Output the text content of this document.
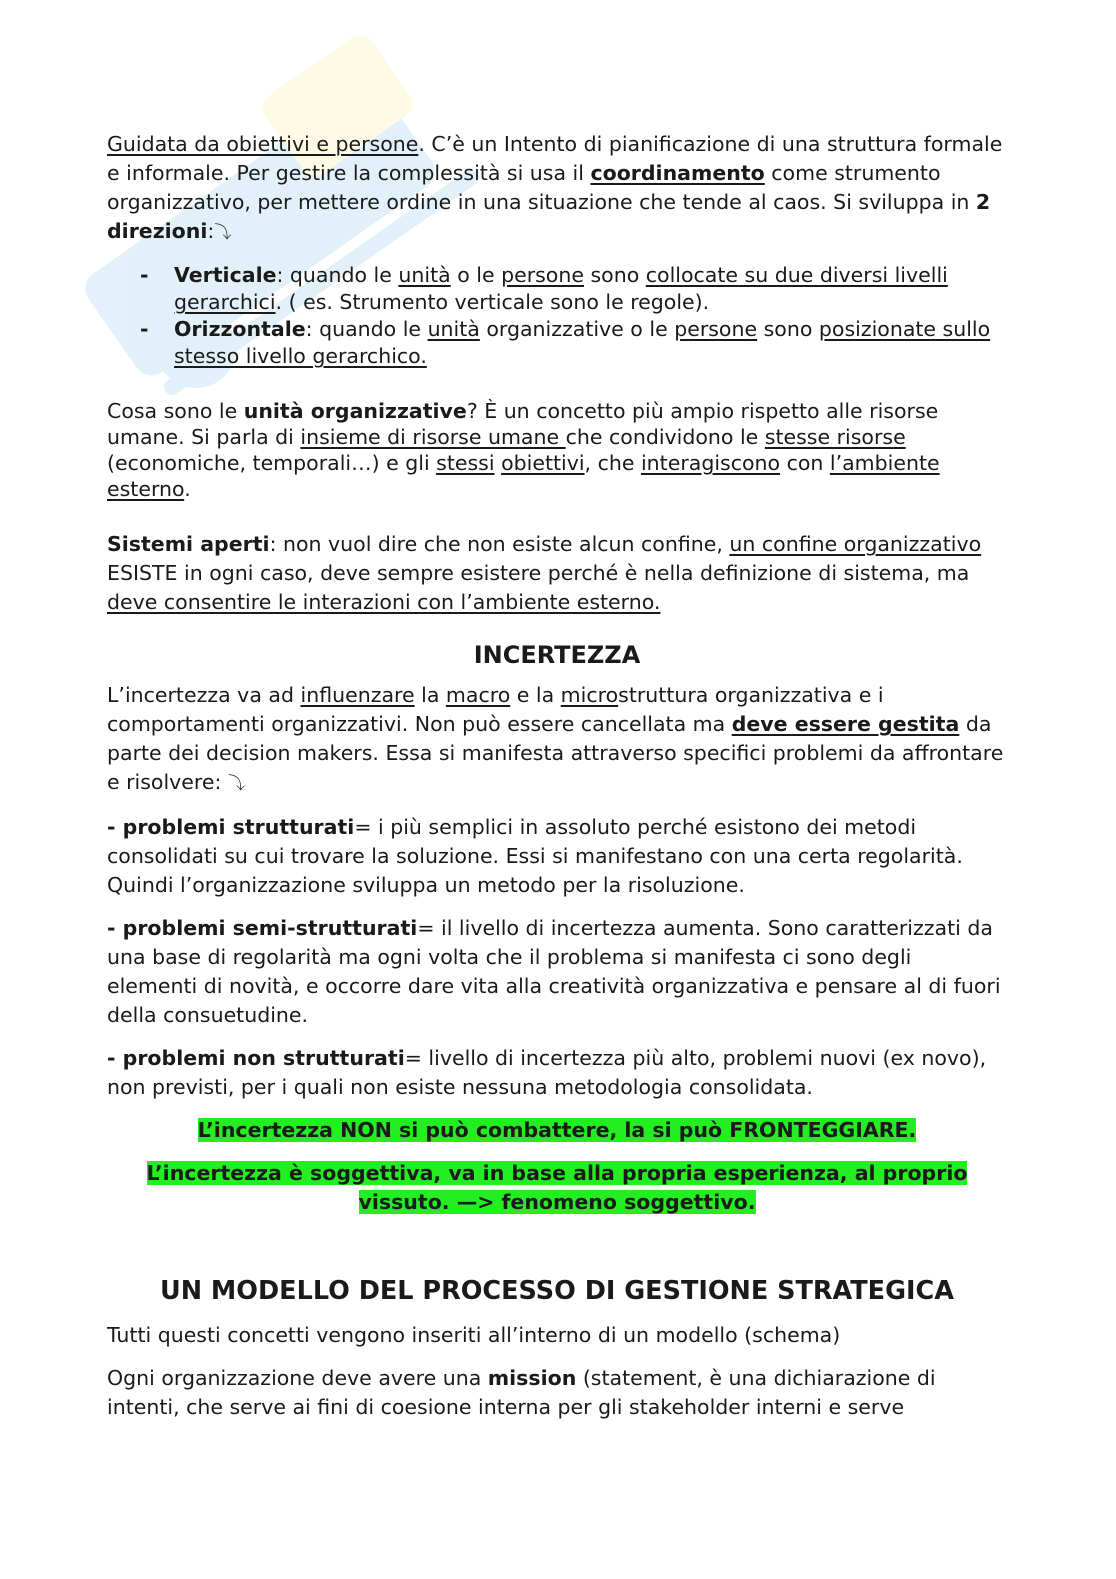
Guidata da obiettivi e persone. C’è un Intento di pianificazione di una struttura formale e informale. Per gestire la complessità si usa il coordinamento come strumento organizzativo, per mettere ordine in una situazione che tende al caos. Si sviluppa in 2 direzioni:⤵

- Verticale: quando le unità o le persone sono collocate su due diversi livelli gerarchici. ( es. Strumento verticale sono le regole).
- Orizzontale: quando le unità organizzative o le persone sono posizionate sullo stesso livello gerarchico.

Cosa sono le unità organizzative? È un concetto più ampio rispetto alle risorse umane. Si parla di insieme di risorse umane che condividono le stesse risorse (economiche, temporali…) e gli stessi obiettivi, che interagiscono con l’ambiente esterno.

Sistemi aperti: non vuol dire che non esiste alcun confine, un confine organizzativo ESISTE in ogni caso, deve sempre esistere perché è nella definizione di sistema, ma deve consentire le interazioni con l’ambiente esterno.

INCERTEZZA

L’incertezza va ad influenzare la macro e la microstruttura organizzativa e i comportamenti organizzativi. Non può essere cancellata ma deve essere gestita da parte dei decision makers. Essa si manifesta attraverso specifici problemi da affrontare e risolvere: ⤵

- problemi strutturati= i più semplici in assoluto perché esistono dei metodi consolidati su cui trovare la soluzione. Essi si manifestano con una certa regolarità. Quindi l’organizzazione sviluppa un metodo per la risoluzione.

- problemi semi-strutturati= il livello di incertezza aumenta. Sono caratterizzati da una base di regolarità ma ogni volta che il problema si manifesta ci sono degli elementi di novità, e occorre dare vita alla creatività organizzativa e pensare al di fuori della consuetudine.

- problemi non strutturati= livello di incertezza più alto, problemi nuovi (ex novo), non previsti, per i quali non esiste nessuna metodologia consolidata.

L’incertezza NON si può combattere, la si può FRONTEGGIARE.

L’incertezza è soggettiva, va in base alla propria esperienza, al proprio vissuto. —> fenomeno soggettivo.

UN MODELLO DEL PROCESSO DI GESTIONE STRATEGICA

Tutti questi concetti vengono inseriti all’interno di un modello (schema)

Ogni organizzazione deve avere una mission (statement, è una dichiarazione di intenti, che serve ai fini di coesione interna per gli stakeholder interni e serve
